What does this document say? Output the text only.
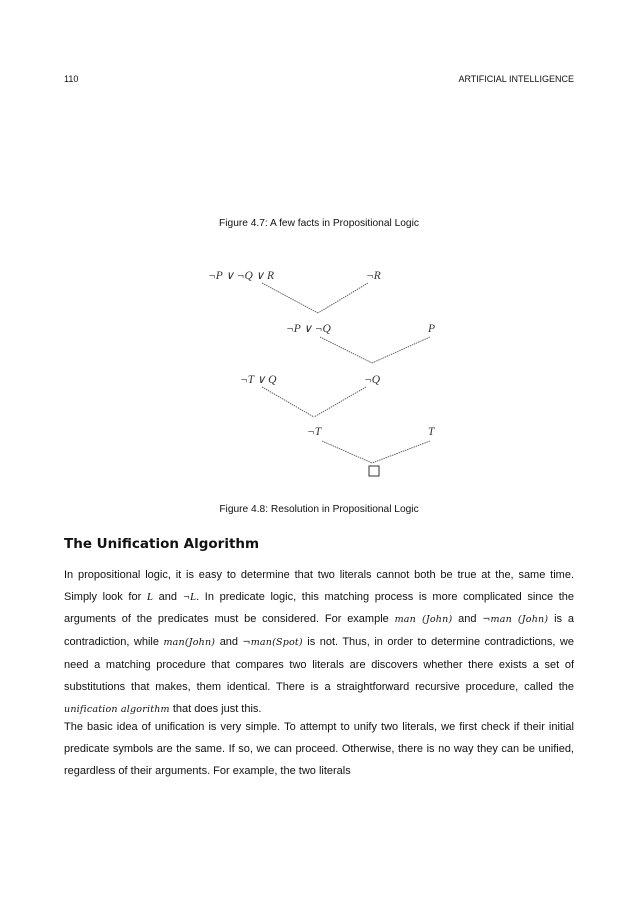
110	ARTIFICIAL INTELLIGENCE
Figure 4.7: A few facts in Propositional Logic
¬P ∨ ¬Q ∨ R	¬R
¬P ∨ ¬Q	P
¬T ∨ Q	¬Q
¬T	T
Figure 4.8: Resolution in Propositional Logic
The Unification Algorithm

In propositional logic, it is easy to determine that two literals cannot both be true at the, same time. Simply look for L and ¬L. In predicate logic, this matching process is more complicated since the arguments of the predicates must be considered. For example man (John) and ¬man (John) is a contradiction, while man(John) and ¬man(Spot) is not. Thus, in order to determine contradictions, we need a matching procedure that compares two literals are discovers whether there exists a set of substitutions that makes, them identical. There is a straightforward recursive procedure, called the unification algorithm that does just this.

The basic idea of unification is very simple. To attempt to unify two literals, we first check if their initial predicate symbols are the same. If so, we can proceed. Otherwise, there is no way they can be unified, regardless of their arguments. For example, the two literals
